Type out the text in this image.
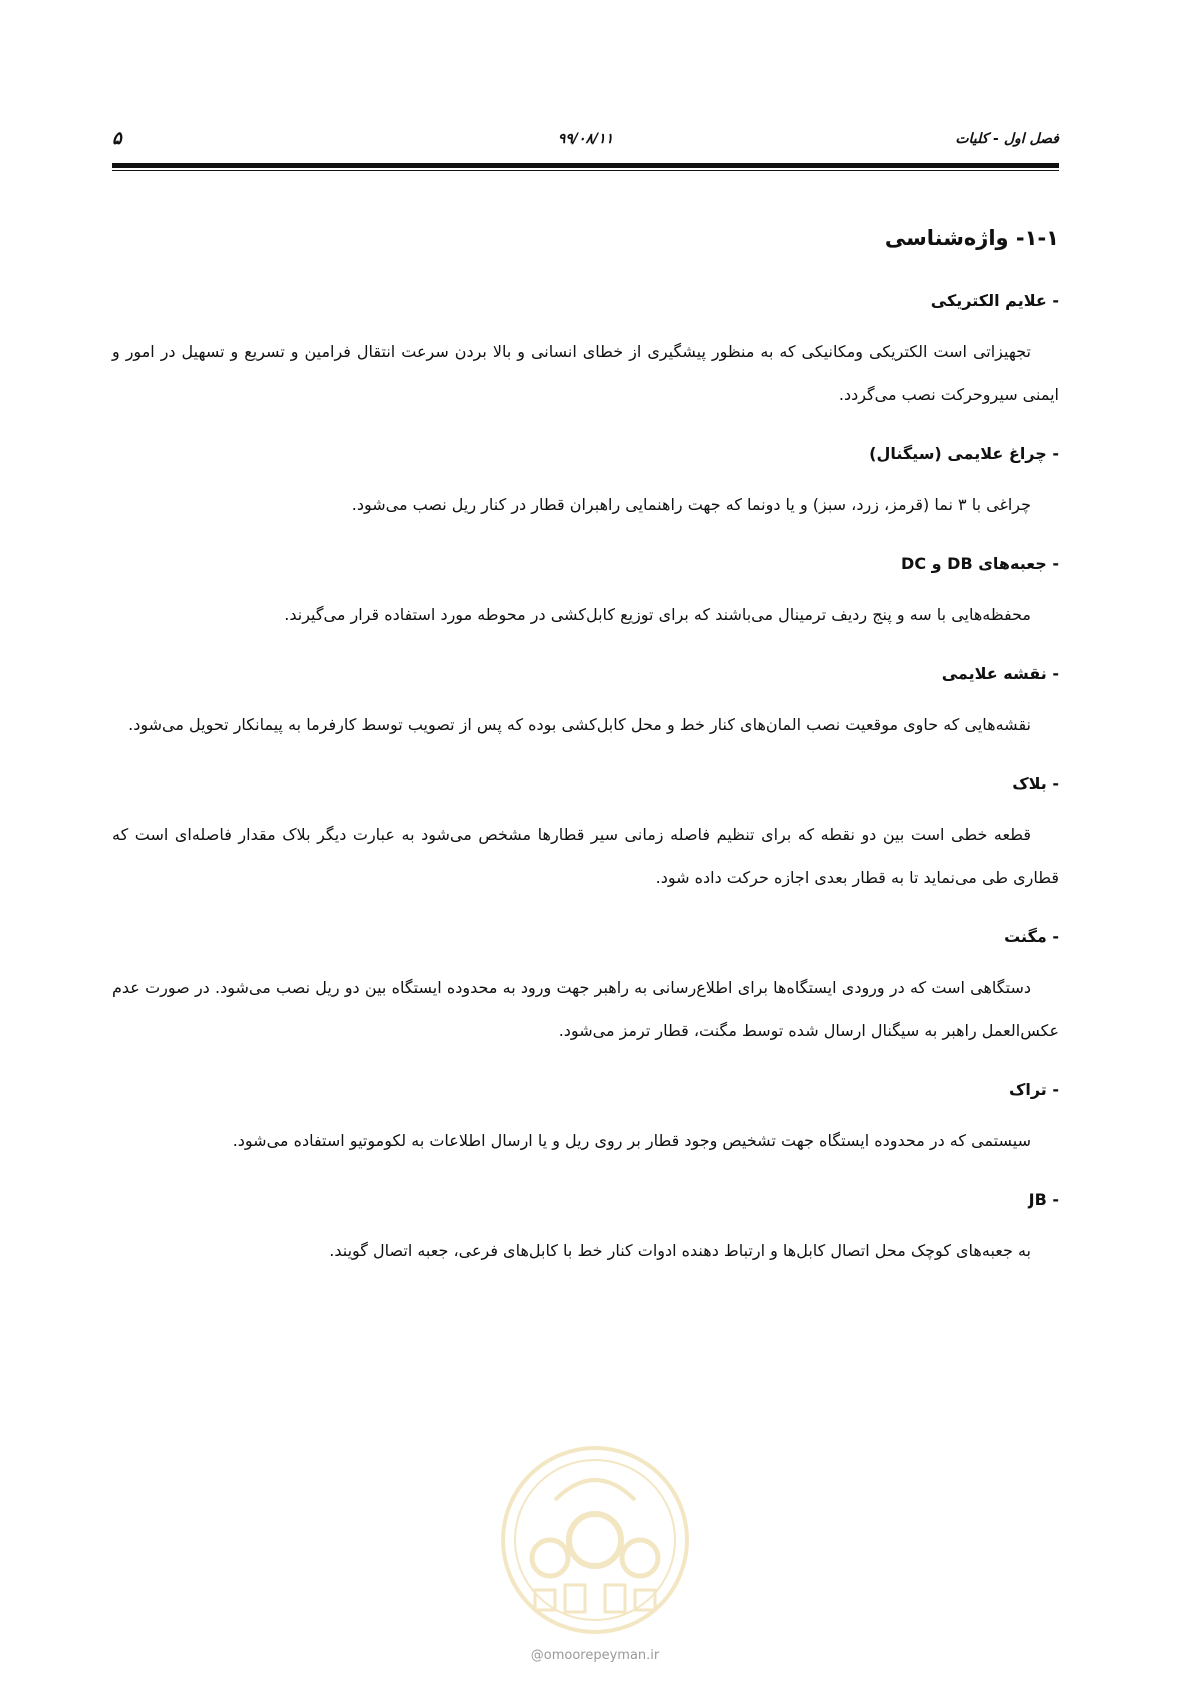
فصل اول - کلیات
۹۹/۰۸/۱۱
۵
۱-۱- واژه‌شناسی
- علایم الکتریکی

تجهیزاتی است الکتریکی ومکانیکی که به منظور پیشگیری از خطای انسانی و بالا بردن سرعت انتقال فرامین و تسریع و تسهیل در امور و ایمنی سیروحرکت نصب می‌گردد.

- چراغ علایمی (سیگنال)

چراغی با ۳ نما (قرمز، زرد، سبز) و یا دونما که جهت راهنمایی راهبران قطار در کنار ریل نصب می‌شود.

- جعبه‌های DB و DC

محفظه‌هایی با سه و پنج ردیف ترمینال می‌باشند که برای توزیع کابل‌کشی در محوطه مورد استفاده قرار می‌گیرند.

- نقشه علایمی

نقشه‌هایی که حاوی موقعیت نصب المان‌های کنار خط و محل کابل‌کشی بوده که پس از تصویب توسط کارفرما به پیمانکار تحویل می‌شود.

- بلاک

قطعه خطی است بین دو نقطه که برای تنظیم فاصله زمانی سیر قطارها مشخص می‌شود به عبارت دیگر بلاک مقدار فاصله‌ای است که قطاری طی می‌نماید تا به قطار بعدی اجازه حرکت داده شود.

- مگنت

دستگاهی است که در ورودی ایستگاه‌ها برای اطلاع‌رسانی به راهبر جهت ورود به محدوده ایستگاه بین دو ریل نصب می‌شود. در صورت عدم عکس‌العمل راهبر به سیگنال ارسال شده توسط مگنت، قطار ترمز می‌شود.

- تراک

سیستمی که در محدوده ایستگاه جهت تشخیص وجود قطار بر روی ریل و یا ارسال اطلاعات به لکوموتیو استفاده می‌شود.

- JB

به جعبه‌های کوچک محل اتصال کابل‌ها و ارتباط دهنده ادوات کنار خط با کابل‌های فرعی، جعبه اتصال گویند.

@omoorepeyman.ir
